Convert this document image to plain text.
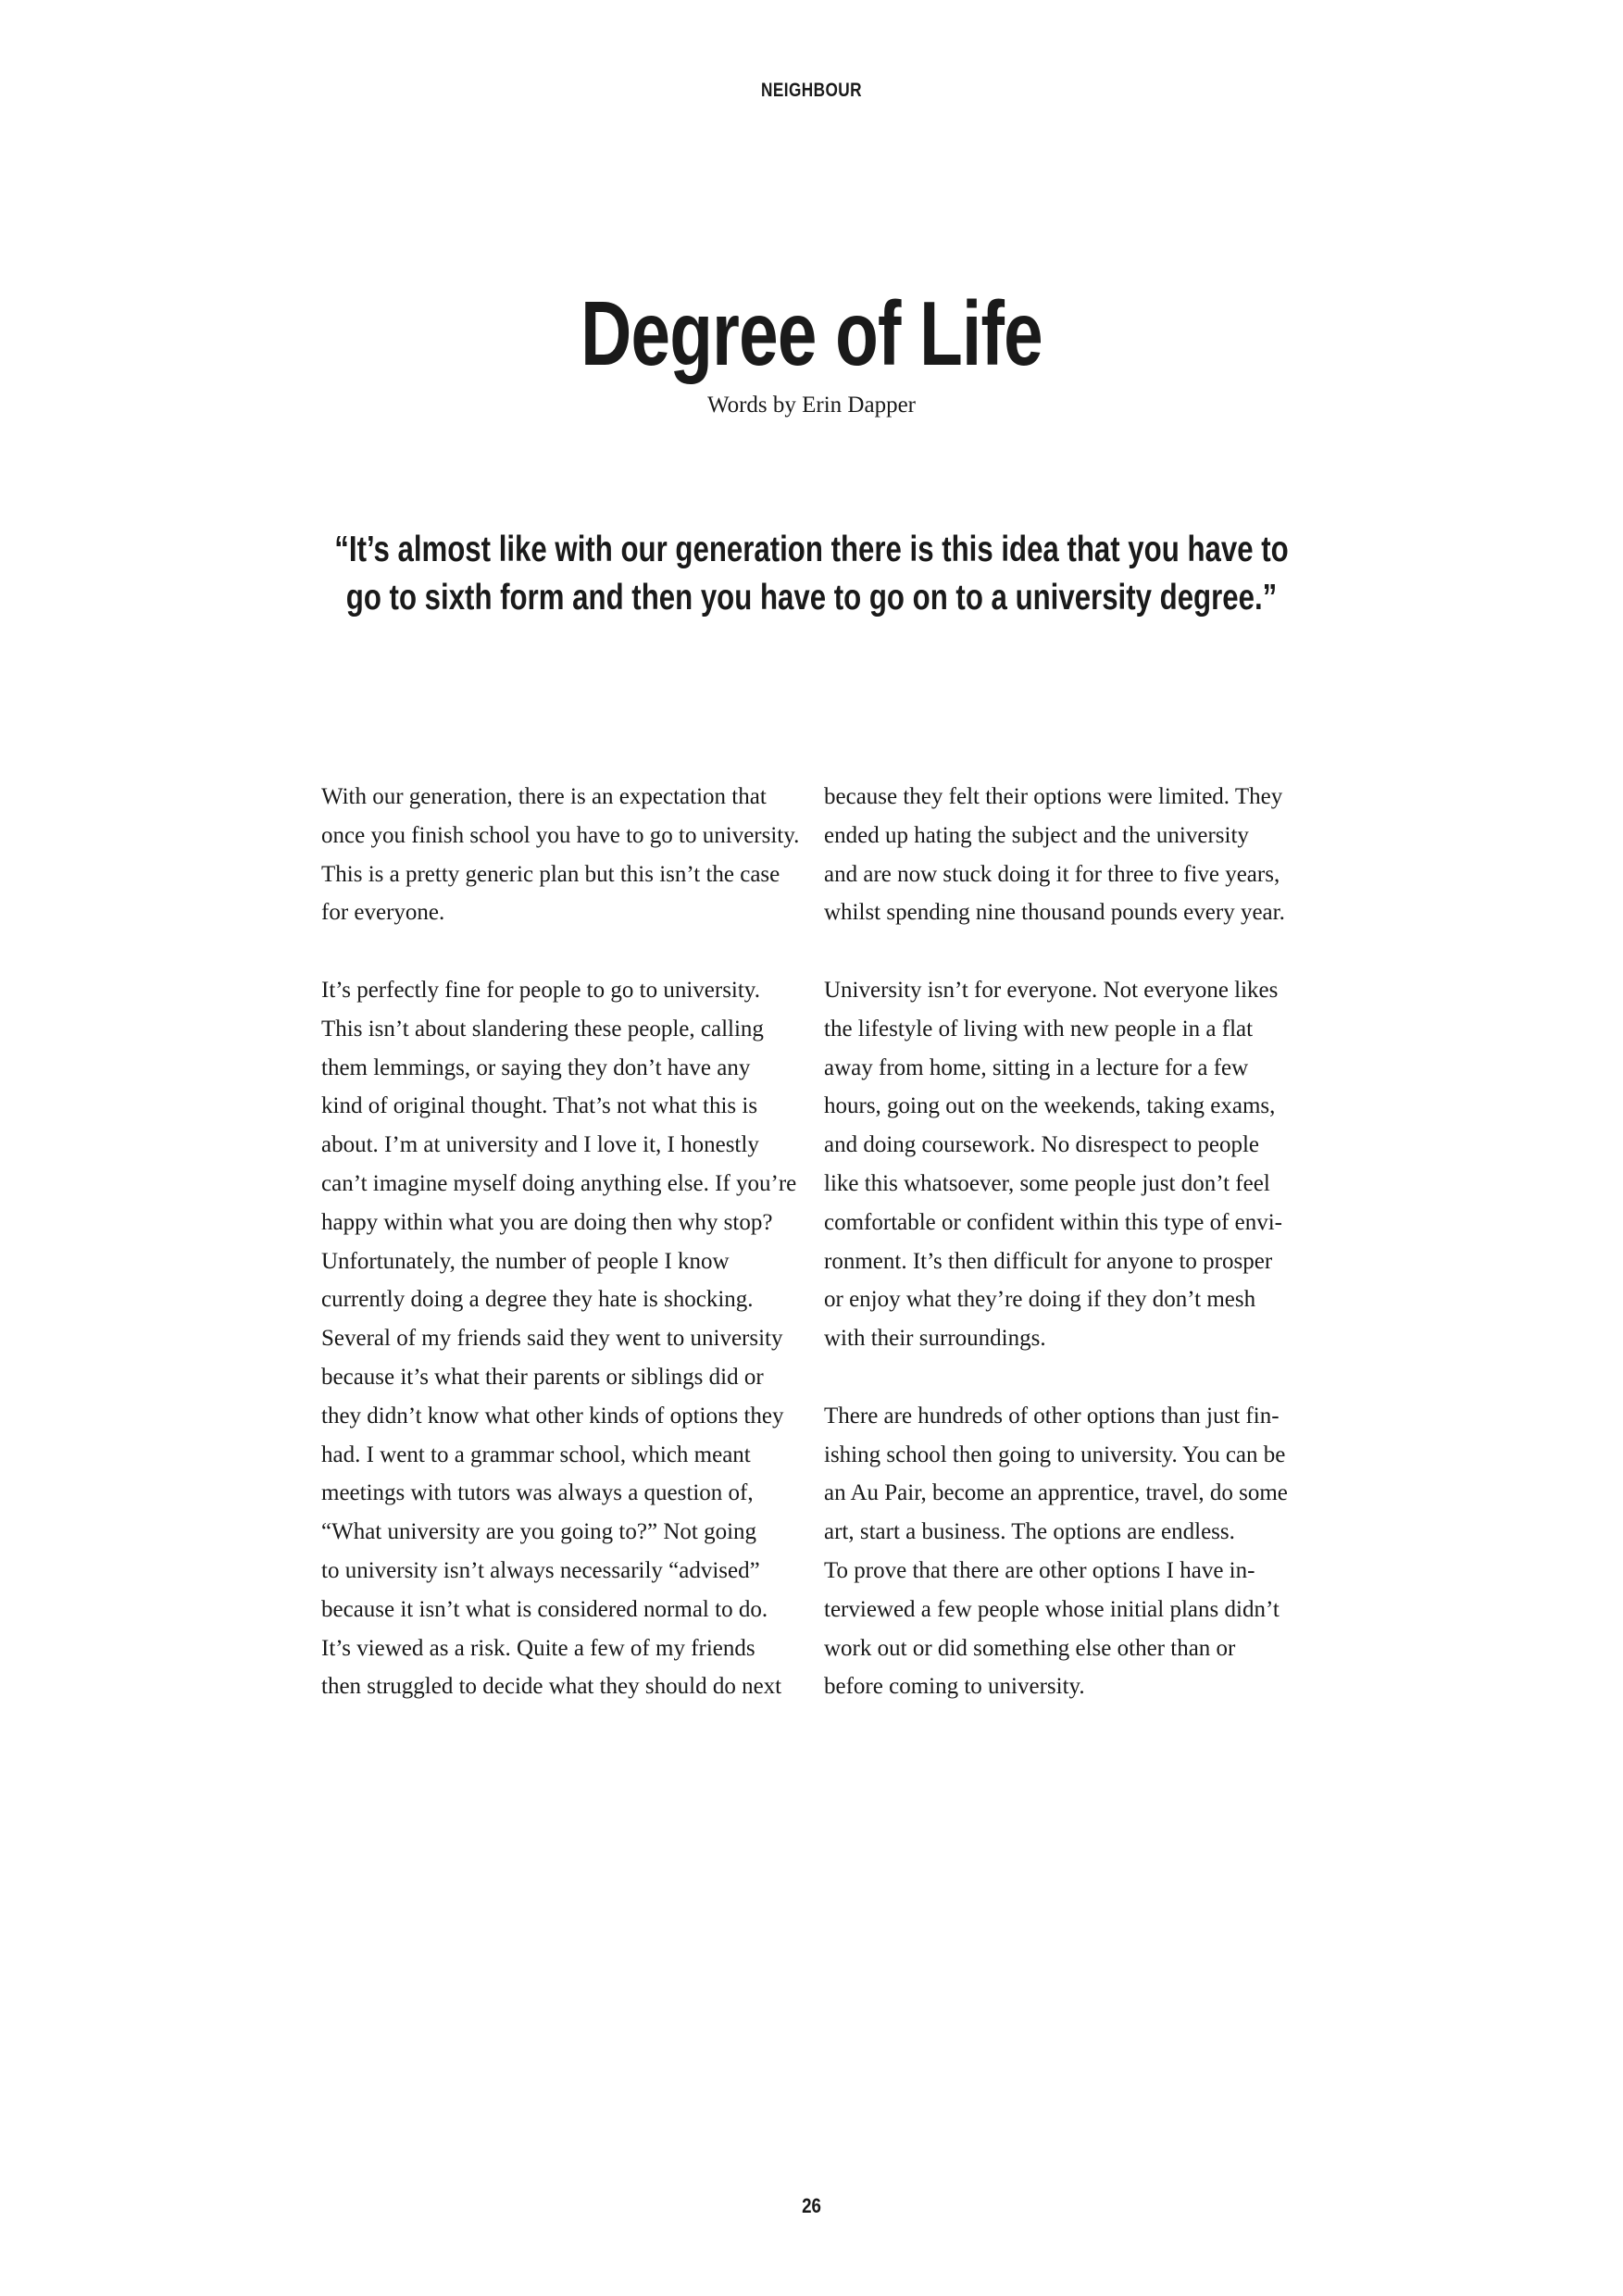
NEIGHBOUR
Degree of Life
Words by Erin Dapper
“It’s almost like with our generation there is this idea that you have to
go to sixth form and then you have to go on to a university degree.”
With our generation, there is an expectation that
once you finish school you have to go to university.
This is a pretty generic plan but this isn’t the case
for everyone.
It’s perfectly fine for people to go to university.
This isn’t about slandering these people, calling
them lemmings, or saying they don’t have any
kind of original thought. That’s not what this is
about. I’m at university and I love it, I honestly
can’t imagine myself doing anything else. If you’re
happy within what you are doing then why stop?
Unfortunately, the number of people I know
currently doing a degree they hate is shocking.
Several of my friends said they went to university
because it’s what their parents or siblings did or
they didn’t know what other kinds of options they
had. I went to a grammar school, which meant
meetings with tutors was always a question of,
“What university are you going to?” Not going
to university isn’t always necessarily “advised”
because it isn’t what is considered normal to do.
It’s viewed as a risk. Quite a few of my friends
then struggled to decide what they should do next
because they felt their options were limited. They
ended up hating the subject and the university
and are now stuck doing it for three to five years,
whilst spending nine thousand pounds every year.
University isn’t for everyone. Not everyone likes
the lifestyle of living with new people in a flat
away from home, sitting in a lecture for a few
hours, going out on the weekends, taking exams,
and doing coursework. No disrespect to people
like this whatsoever, some people just don’t feel
comfortable or confident within this type of envi-
ronment. It’s then difficult for anyone to prosper
or enjoy what they’re doing if they don’t mesh
with their surroundings.
There are hundreds of other options than just fin-
ishing school then going to university. You can be
an Au Pair, become an apprentice, travel, do some
art, start a business. The options are endless.
To prove that there are other options I have in-
terviewed a few people whose initial plans didn’t
work out or did something else other than or
before coming to university.
26
